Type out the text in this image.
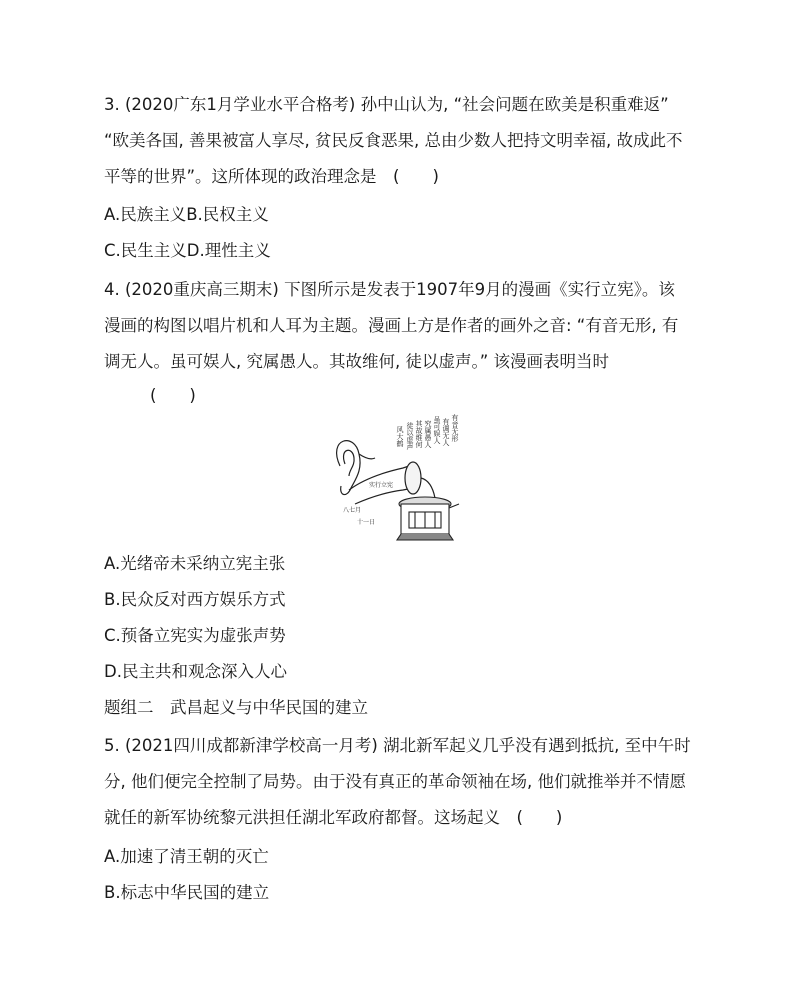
3. (2020广东1月学业水平合格考) 孙中山认为, “社会问题在欧美是积重难返”
“欧美各国, 善果被富人享尽, 贫民反食恶果, 总由少数人把持文明幸福, 故成此不
平等的世界”。这所体现的政治理念是　(　　)
A.民族主义B.民权主义
C.民生主义D.理性主义
4. (2020重庆高三期末) 下图所示是发表于1907年9月的漫画《实行立宪》。该
漫画的构图以唱片机和人耳为主题。漫画上方是作者的画外之音: “有音无形, 有
调无人。虽可娱人, 究属愚人。其故维何, 徒以虚声。” 该漫画表明当时
(　　)
有音无形
有调无人
虽可娱人
究属愚人
其故维何
徒以虚声
风大鹤
实行立宪
八七月
十一日
A.光绪帝未采纳立宪主张
B.民众反对西方娱乐方式
C.预备立宪实为虚张声势
D.民主共和观念深入人心
题组二　武昌起义与中华民国的建立
5. (2021四川成都新津学校高一月考) 湖北新军起义几乎没有遇到抵抗, 至中午时
分, 他们便完全控制了局势。由于没有真正的革命领袖在场, 他们就推举并不情愿
就任的新军协统黎元洪担任湖北军政府都督。这场起义　(　　)
A.加速了清王朝的灭亡
B.标志中华民国的建立
